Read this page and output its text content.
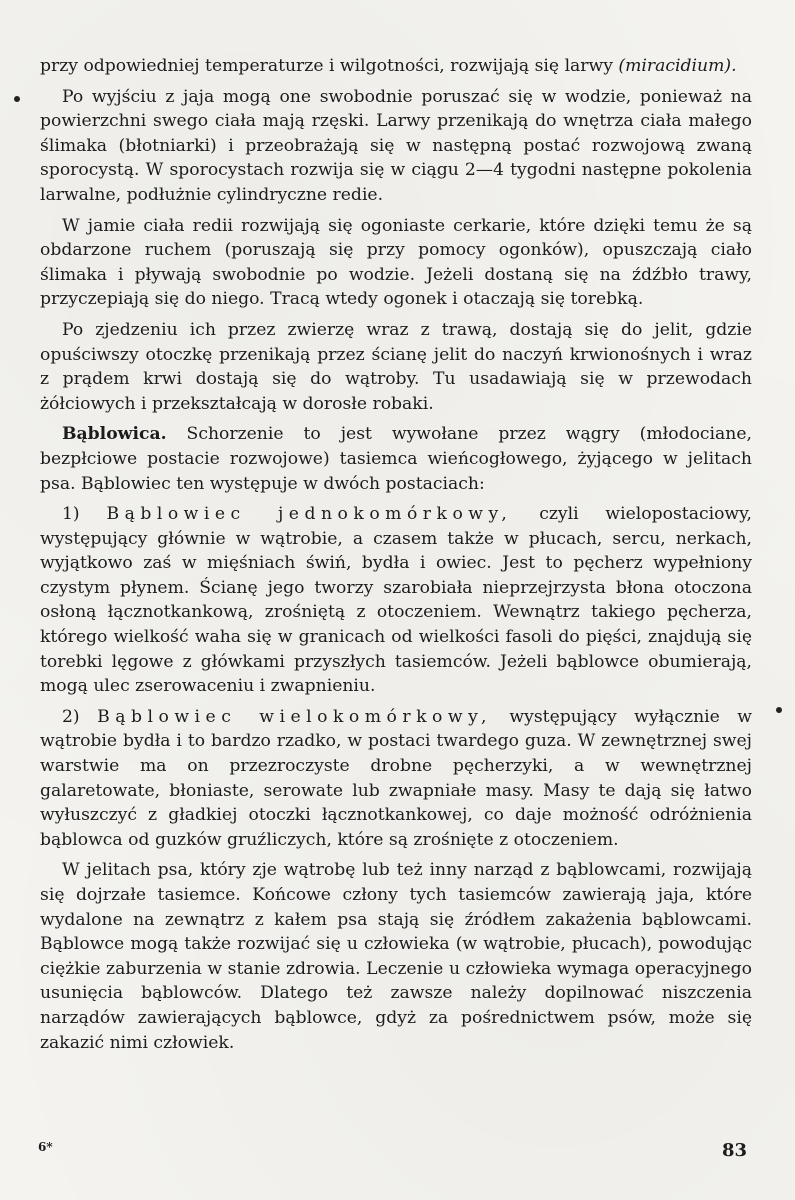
przy odpowiedniej temperaturze i wilgotności, rozwijają się larwy (miracidium).

Po wyjściu z jaja mogą one swobodnie poruszać się w wodzie, ponieważ na powierzchni swego ciała mają rzęski. Larwy przenikają do wnętrza ciała małego ślimaka (błotniarki) i przeobrażają się w następną postać rozwojową zwaną sporocystą. W sporocystach rozwija się w ciągu 2—4 tygodni następne pokolenia larwalne, podłużnie cylindryczne redie.

W jamie ciała redii rozwijają się ogoniaste cerkarie, które dzięki temu że są obdarzone ruchem (poruszają się przy pomocy ogonków), opuszczają ciało ślimaka i pływają swobodnie po wodzie. Jeżeli dostaną się na źdźbło trawy, przyczepiają się do niego. Tracą wtedy ogonek i otaczają się torebką.

Po zjedzeniu ich przez zwierzę wraz z trawą, dostają się do jelit, gdzie opuściwszy otoczkę przenikają przez ścianę jelit do naczyń krwionośnych i wraz z prądem krwi dostają się do wątroby. Tu usadawiają się w przewodach żółciowych i przekształcają w dorosłe robaki.

Bąblowica. Schorzenie to jest wywołane przez wągry (młodociane, bezpłciowe postacie rozwojowe) tasiemca wieńcogłowego, żyjącego w jelitach psa. Bąblowiec ten występuje w dwóch postaciach:

1) Bąblowiec jednokomórkowy, czyli wielopostaciowy, występujący głównie w wątrobie, a czasem także w płucach, sercu, nerkach, wyjątkowo zaś w mięśniach świń, bydła i owiec. Jest to pęcherz wypełniony czystym płynem. Ścianę jego tworzy szarobiała nieprzejrzysta błona otoczona osłoną łącznotkankową, zrośniętą z otoczeniem. Wewnątrz takiego pęcherza, którego wielkość waha się w granicach od wielkości fasoli do pięści, znajdują się torebki lęgowe z główkami przyszłych tasiemców. Jeżeli bąblowce obumierają, mogą ulec zserowaceniu i zwapnieniu.

2) Bąblowiec wielokomórkowy, występujący wyłącznie w wątrobie bydła i to bardzo rzadko, w postaci twardego guza. W zewnętrznej swej warstwie ma on przezroczyste drobne pęcherzyki, a w wewnętrznej galaretowate, błoniaste, serowate lub zwapniałe masy. Masy te dają się łatwo wyłuszczyć z gładkiej otoczki łącznotkankowej, co daje możność odróżnienia bąblowca od guzków gruźliczych, które są zrośnięte z otoczeniem.

W jelitach psa, który zje wątrobę lub też inny narząd z bąblowcami, rozwijają się dojrzałe tasiemce. Końcowe człony tych tasiemców zawierają jaja, które wydalone na zewnątrz z kałem psa stają się źródłem zakażenia bąblowcami. Bąblowce mogą także rozwijać się u człowieka (w wątrobie, płucach), powodując ciężkie zaburzenia w stanie zdrowia. Leczenie u człowieka wymaga operacyjnego usunięcia bąblowców. Dlatego też zawsze należy dopilnować niszczenia narządów zawierających bąblowce, gdyż za pośrednictwem psów, może się zakazić nimi człowiek.

6*	83
